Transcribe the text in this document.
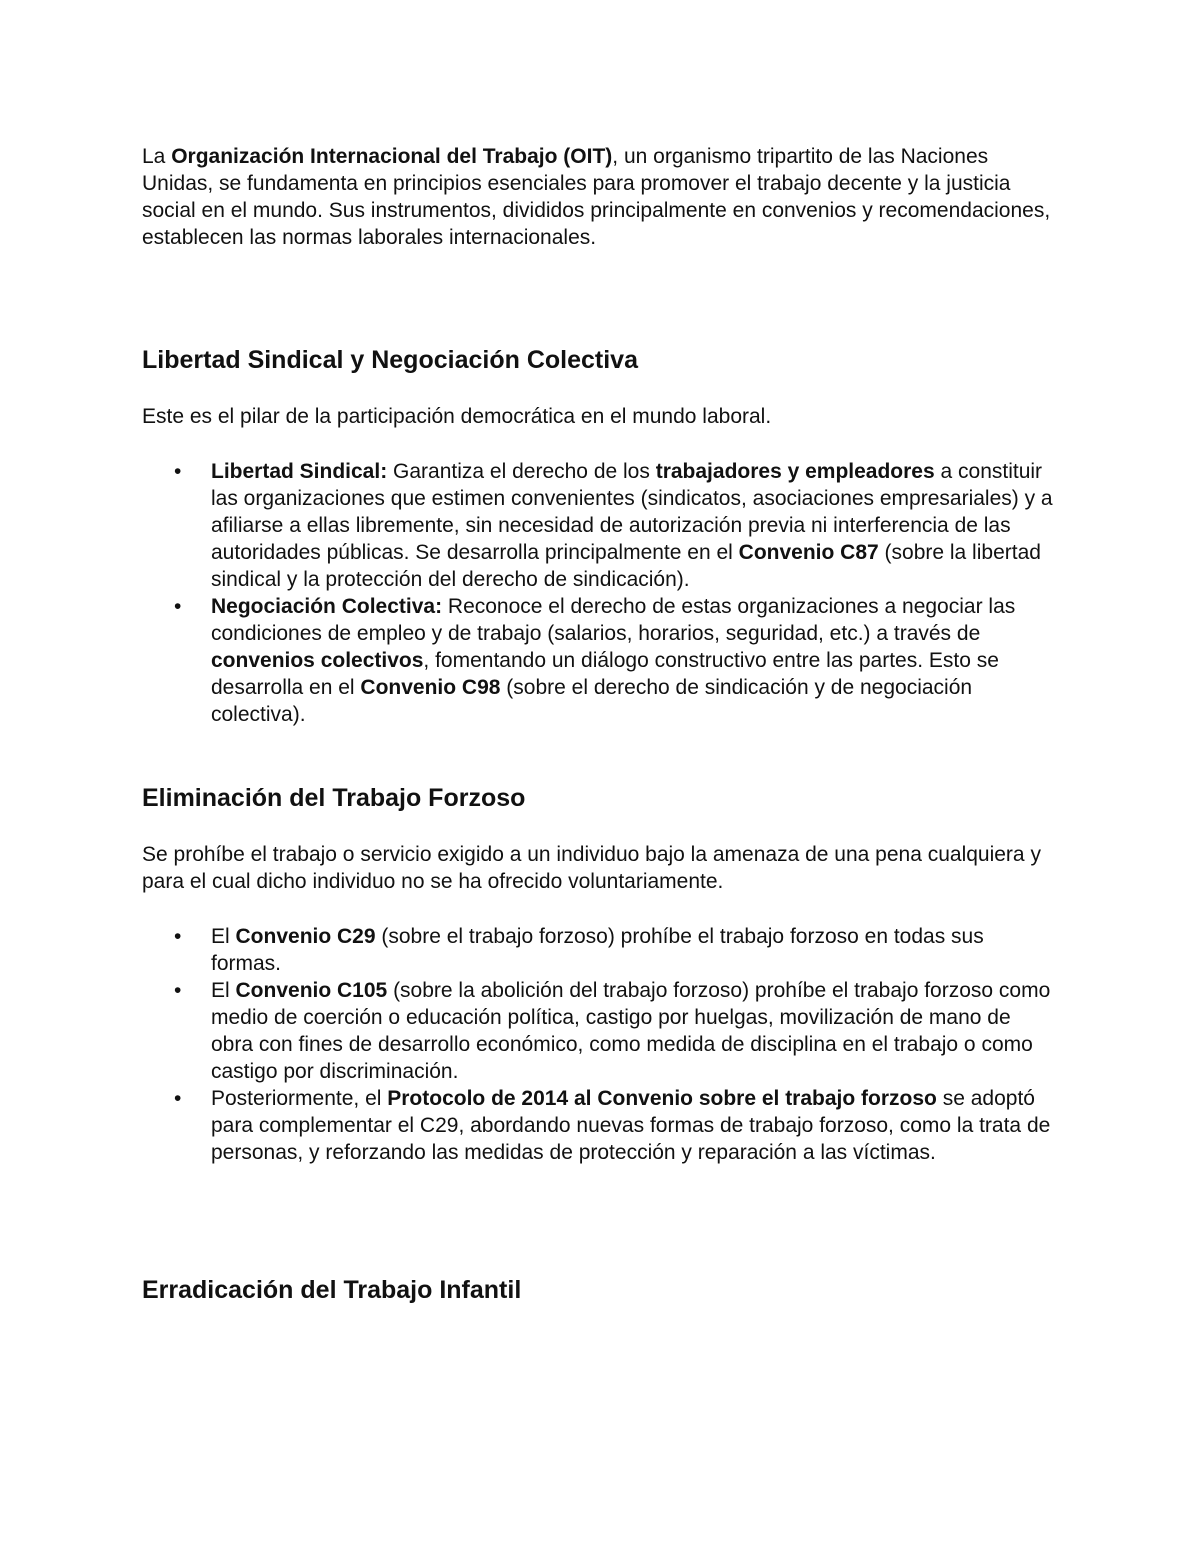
La Organización Internacional del Trabajo (OIT), un organismo tripartito de las Naciones Unidas, se fundamenta en principios esenciales para promover el trabajo decente y la justicia social en el mundo. Sus instrumentos, divididos principalmente en convenios y recomendaciones, establecen las normas laborales internacionales.

Libertad Sindical y Negociación Colectiva

Este es el pilar de la participación democrática en el mundo laboral.

• Libertad Sindical: Garantiza el derecho de los trabajadores y empleadores a constituir las organizaciones que estimen convenientes (sindicatos, asociaciones empresariales) y a afiliarse a ellas libremente, sin necesidad de autorización previa ni interferencia de las autoridades públicas. Se desarrolla principalmente en el Convenio C87 (sobre la libertad sindical y la protección del derecho de sindicación).
• Negociación Colectiva: Reconoce el derecho de estas organizaciones a negociar las condiciones de empleo y de trabajo (salarios, horarios, seguridad, etc.) a través de convenios colectivos, fomentando un diálogo constructivo entre las partes. Esto se desarrolla en el Convenio C98 (sobre el derecho de sindicación y de negociación colectiva).
Eliminación del Trabajo Forzoso

Se prohíbe el trabajo o servicio exigido a un individuo bajo la amenaza de una pena cualquiera y para el cual dicho individuo no se ha ofrecido voluntariamente.

• El Convenio C29 (sobre el trabajo forzoso) prohíbe el trabajo forzoso en todas sus formas.
• El Convenio C105 (sobre la abolición del trabajo forzoso) prohíbe el trabajo forzoso como medio de coerción o educación política, castigo por huelgas, movilización de mano de obra con fines de desarrollo económico, como medida de disciplina en el trabajo o como castigo por discriminación.
• Posteriormente, el Protocolo de 2014 al Convenio sobre el trabajo forzoso se adoptó para complementar el C29, abordando nuevas formas de trabajo forzoso, como la trata de personas, y reforzando las medidas de protección y reparación a las víctimas.
Erradicación del Trabajo Infantil
